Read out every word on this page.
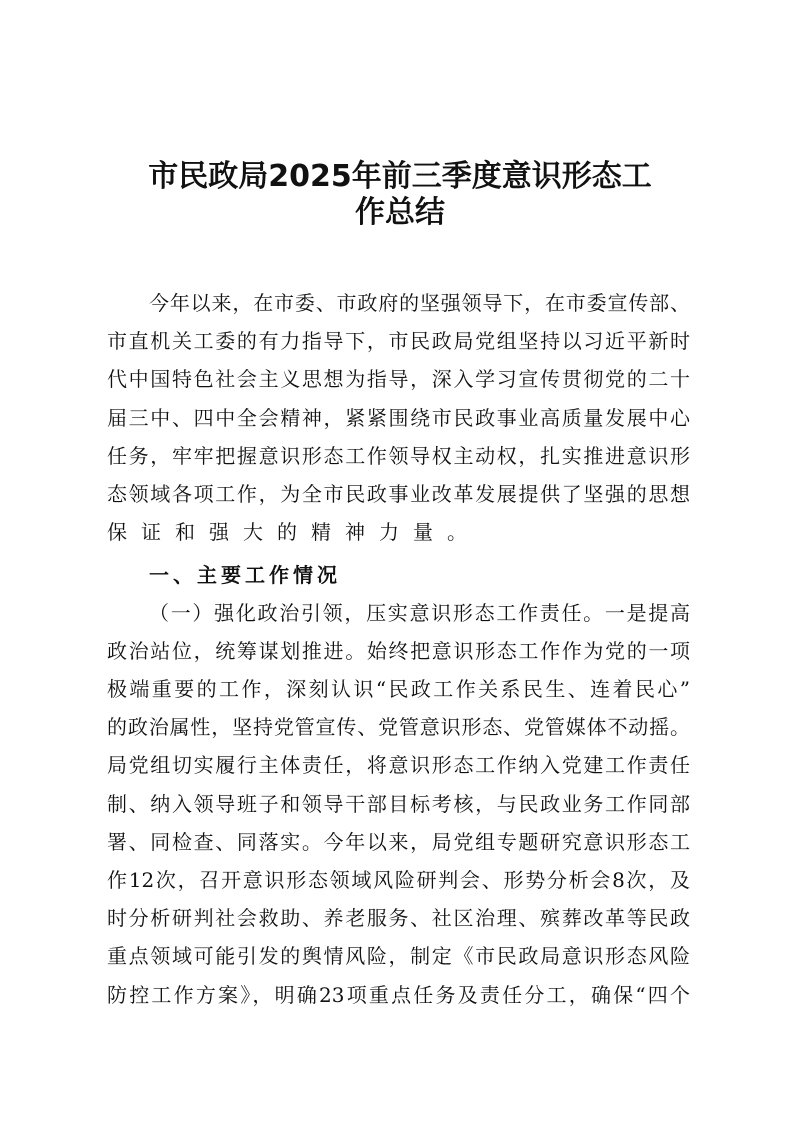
市民政局2025年前三季度意识形态工
作总结
今年以来，在市委、市政府的坚强领导下，在市委宣传部、
市直机关工委的有力指导下，市民政局党组坚持以习近平新时
代中国特色社会主义思想为指导，深入学习宣传贯彻党的二十
届三中、四中全会精神，紧紧围绕市民政事业高质量发展中心
任务，牢牢把握意识形态工作领导权主动权，扎实推进意识形
态领域各项工作，为全市民政事业改革发展提供了坚强的思想
保证和强大的精神力量。
一、主要工作情况
（一）强化政治引领，压实意识形态工作责任。一是提高
政治站位，统筹谋划推进。始终把意识形态工作作为党的一项
极端重要的工作，深刻认识“民政工作关系民生、连着民心”
的政治属性，坚持党管宣传、党管意识形态、党管媒体不动摇。
局党组切实履行主体责任，将意识形态工作纳入党建工作责任
制、纳入领导班子和领导干部目标考核，与民政业务工作同部
署、同检查、同落实。今年以来，局党组专题研究意识形态工
作12次，召开意识形态领域风险研判会、形势分析会8次，及
时分析研判社会救助、养老服务、社区治理、殡葬改革等民政
重点领域可能引发的舆情风险，制定《市民政局意识形态风险
防控工作方案》，明确23项重点任务及责任分工，确保“四个
